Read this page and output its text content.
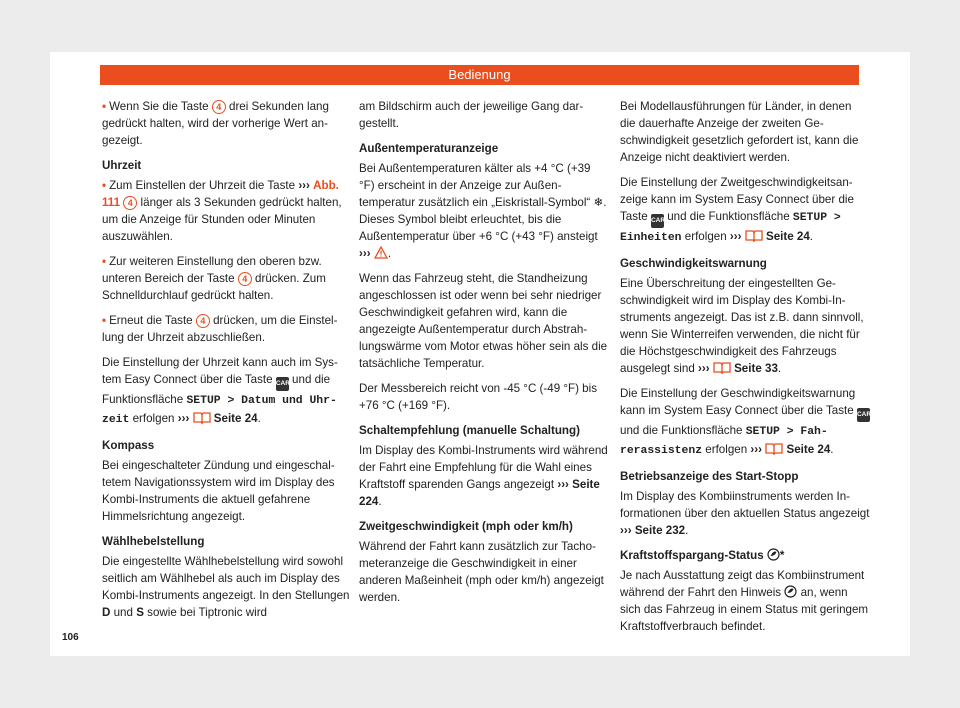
Bedienung

• Wenn Sie die Taste 4 drei Sekunden lang gedrückt halten, wird der vorherige Wert angezeigt.

Uhrzeit

• Zum Einstellen der Uhrzeit die Taste ››› Abb. 111 4 länger als 3 Sekunden gedrückt halten, um die Anzeige für Stunden oder Minuten auszuwählen.

• Zur weiteren Einstellung den oberen bzw. unteren Bereich der Taste 4 drücken. Zum Schnelldurchlauf gedrückt halten.

• Erneut die Taste 4 drücken, um die Einstellung der Uhrzeit abzuschließen.

Die Einstellung der Uhrzeit kann auch im System Easy Connect über die Taste CAR und die Funktionsfläche SETUP > Datum und Uhrzeit erfolgen ››› Seite 24.

Kompass

Bei eingeschalteter Zündung und eingeschaltetem Navigationssystem wird im Display des Kombi-Instruments die aktuell gefahrene Himmelsrichtung angezeigt.

Wählhebelstellung

Die eingestellte Wählhebelstellung wird sowohl seitlich am Wählhebel als auch im Display des Kombi-Instruments angezeigt. In den Stellungen D und S sowie bei Tiptronic wird

am Bildschirm auch der jeweilige Gang dargestellt.

Außentemperaturanzeige

Bei Außentemperaturen kälter als +4 °C (+39 °F) erscheint in der Anzeige zur Außentemperatur zusätzlich ein „Eiskristall-Symbol“ ❄. Dieses Symbol bleibt erleuchtet, bis die Außentemperatur über +6 °C (+43 °F) ansteigt ››› .

Wenn das Fahrzeug steht, die Standheizung angeschlossen ist oder wenn bei sehr niedriger Geschwindigkeit gefahren wird, kann die angezeigte Außentemperatur durch Abstrahlungswärme vom Motor etwas höher sein als die tatsächliche Temperatur.

Der Messbereich reicht von -45 °C (-49 °F) bis +76 °C (+169 °F).

Schaltempfehlung (manuelle Schaltung)

Im Display des Kombi-Instruments wird während der Fahrt eine Empfehlung für die Wahl eines Kraftstoff sparenden Gangs angezeigt ››› Seite 224.

Zweitgeschwindigkeit (mph oder km/h)

Während der Fahrt kann zusätzlich zur Tachometeranzeige die Geschwindigkeit in einer anderen Maßeinheit (mph oder km/h) angezeigt werden.

Bei Modellausführungen für Länder, in denen die dauerhafte Anzeige der zweiten Geschwindigkeit gesetzlich gefordert ist, kann die Anzeige nicht deaktiviert werden.

Die Einstellung der Zweitgeschwindigkeitsanzeige kann im System Easy Connect über die Taste CAR und die Funktionsfläche SETUP > Einheiten erfolgen ››› Seite 24.

Geschwindigkeitswarnung

Eine Überschreitung der eingestellten Geschwindigkeit wird im Display des Kombi-Instruments angezeigt. Das ist z.B. dann sinnvoll, wenn Sie Winterreifen verwenden, die nicht für die Höchstgeschwindigkeit des Fahrzeugs ausgelegt sind ››› Seite 33.

Die Einstellung der Geschwindigkeitswarnung kann im System Easy Connect über die Taste CAR und die Funktionsfläche SETUP > Fahrerassistenz erfolgen ››› Seite 24.

Betriebsanzeige des Start-Stopp

Im Display des Kombiinstruments werden Informationen über den aktuellen Status angezeigt ››› Seite 232.

Kraftstoffspargang-Status *

Je nach Ausstattung zeigt das Kombiinstrument während der Fahrt den Hinweis an, wenn sich das Fahrzeug in einem Status mit geringem Kraftstoffverbrauch befindet.

106
